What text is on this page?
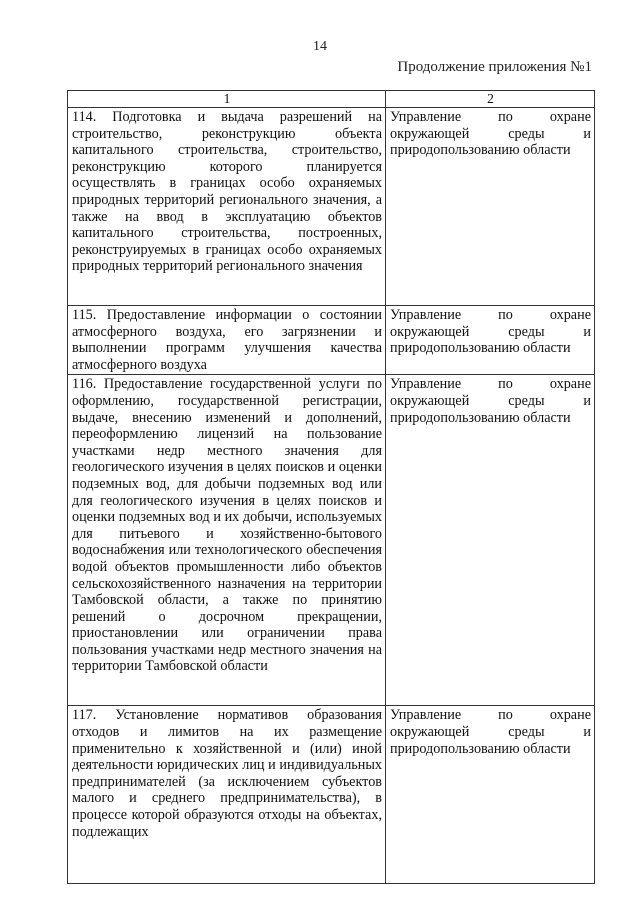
14
Продолжение приложения №1
1	2
114. Подготовка и выдача разрешений на строительство, реконструкцию объекта капитального строительства, строительство, реконструкцию которого планируется осуществлять в границах особо охраняемых природных территорий регионального значения, а также на ввод в эксплуатацию объектов капитального строительства, построенных, реконструируемых в границах особо охраняемых природных территорий регионального значения	Управление по охране окружающей среды и природопользованию области
115. Предоставление информации о состоянии атмосферного воздуха, его загрязнении и выполнении программ улучшения качества атмосферного воздуха	Управление по охране окружающей среды и природопользованию области
116. Предоставление государственной услуги по оформлению, государственной регистрации, выдаче, внесению изменений и дополнений, переоформлению лицензий на пользование участками недр местного значения для геологического изучения в целях поисков и оценки подземных вод, для добычи подземных вод или для геологического изучения в целях поисков и оценки подземных вод и их добычи, используемых для питьевого и хозяйственно-бытового водоснабжения или технологического обеспечения водой объектов промышленности либо объектов сельскохозяйственного назначения на территории Тамбовской области, а также по принятию решений о досрочном прекращении, приостановлении или ограничении права пользования участками недр местного значения на территории Тамбовской области	Управление по охране окружающей среды и природопользованию области
117. Установление нормативов образования отходов и лимитов на их размещение применительно к хозяйственной и (или) иной деятельности юридических лиц и индивидуальных предпринимателей (за исключением субъектов малого и среднего предпринимательства), в процессе которой образуются отходы на объектах, подлежащих	Управление по охране окружающей среды и природопользованию области
